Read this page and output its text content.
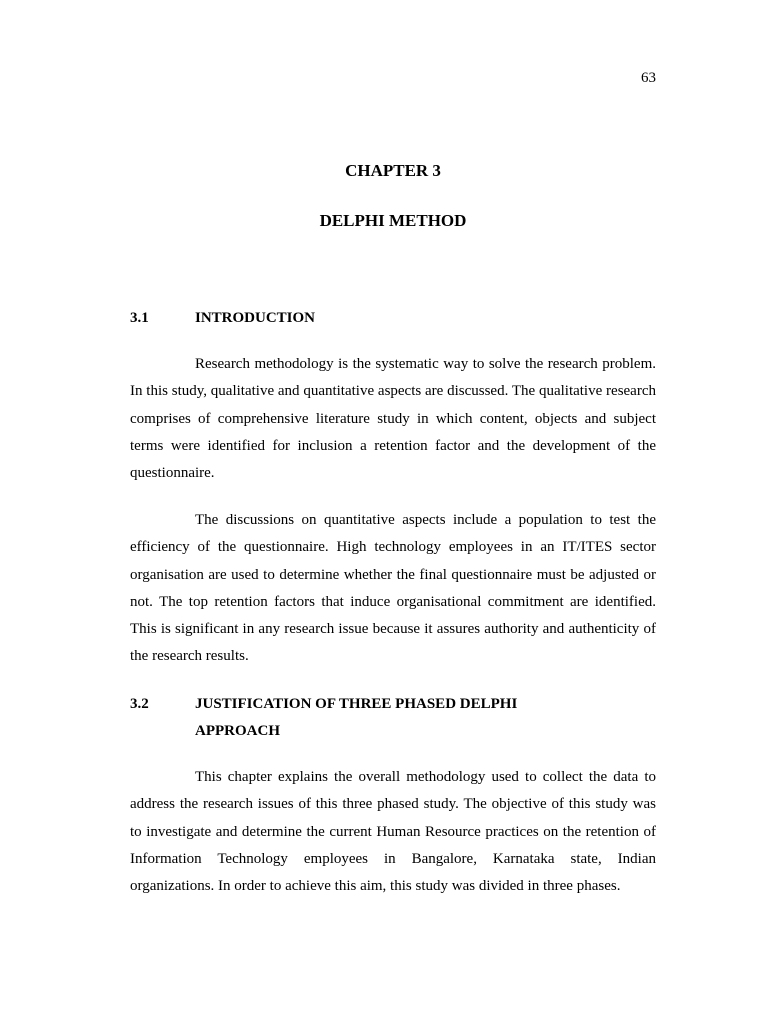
63
CHAPTER 3
DELPHI METHOD
3.1	INTRODUCTION

Research methodology is the systematic way to solve the research problem. In this study, qualitative and quantitative aspects are discussed. The qualitative research comprises of comprehensive literature study in which content, objects and subject terms were identified for inclusion a retention factor and the development of the questionnaire.

The discussions on quantitative aspects include a population to test the efficiency of the questionnaire. High technology employees in an IT/ITES sector organisation are used to determine whether the final questionnaire must be adjusted or not. The top retention factors that induce organisational commitment are identified. This is significant in any research issue because it assures authority and authenticity of the research results.

3.2	JUSTIFICATION OF THREE PHASED DELPHI
APPROACH

This chapter explains the overall methodology used to collect the data to address the research issues of this three phased study. The objective of this study was to investigate and determine the current Human Resource practices on the retention of Information Technology employees in Bangalore, Karnataka state, Indian organizations. In order to achieve this aim, this study was divided in three phases.
